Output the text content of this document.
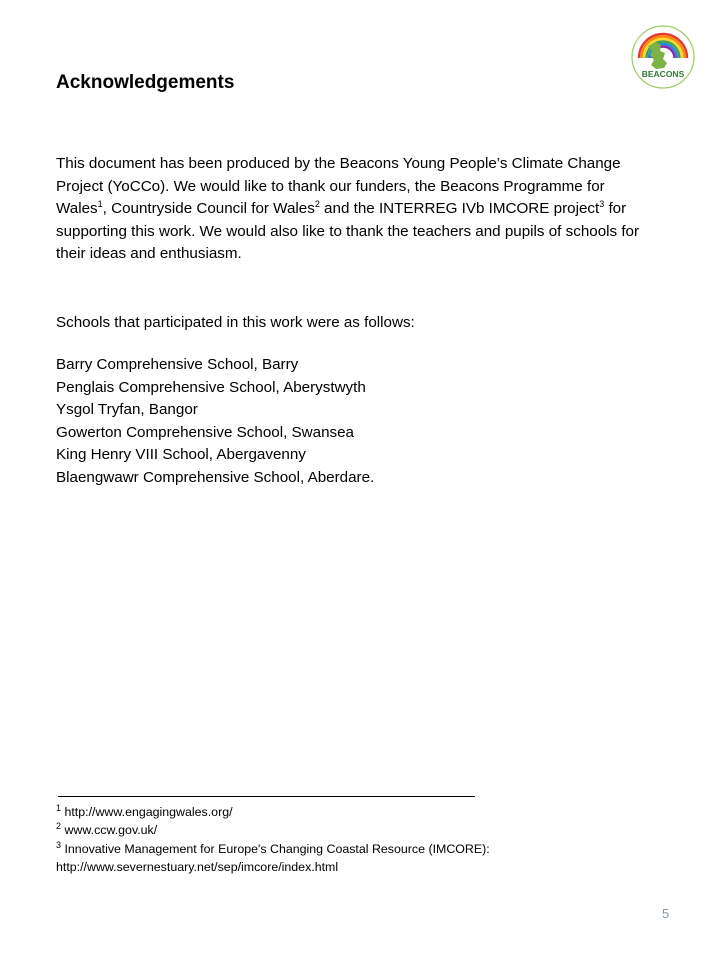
BEACONS
Acknowledgements

This document has been produced by the Beacons Young People’s Climate Change Project (YoCCo). We would like to thank our funders, the Beacons Programme for Wales$^1$, Countryside Council for Wales$^2$ and the INTERREG IVb IMCORE project$^3$ for supporting this work. We would also like to thank the teachers and pupils of schools for their ideas and enthusiasm.

Schools that participated in this work were as follows:

Barry Comprehensive School, Barry
Penglais Comprehensive School, Aberystwyth
Ysgol Tryfan, Bangor
Gowerton Comprehensive School, Swansea
King Henry VIII School, Abergavenny
Blaengwawr Comprehensive School, Aberdare.
$^1$ http://www.engagingwales.org/
$^2$ www.ccw.gov.uk/
$^3$ Innovative Management for Europe's Changing Coastal Resource (IMCORE): http://www.severnestuary.net/sep/imcore/index.html
5
